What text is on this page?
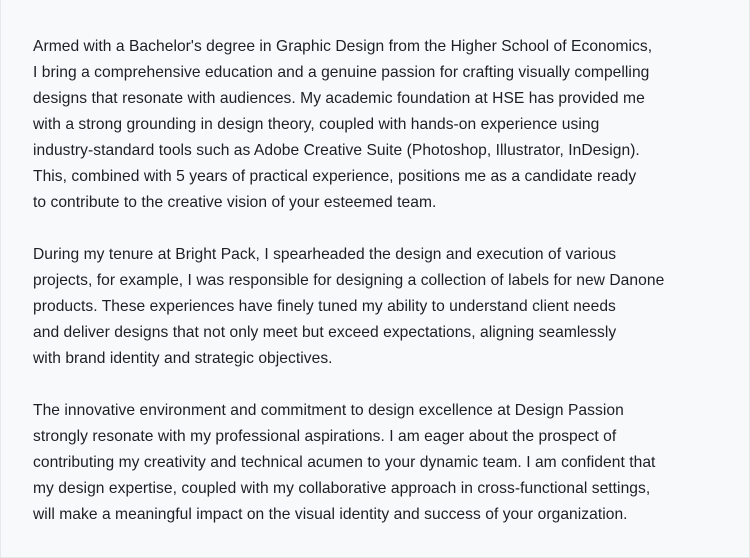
Armed with a Bachelor's degree in Graphic Design from the Higher School of Economics,
I bring a comprehensive education and a genuine passion for crafting visually compelling
designs that resonate with audiences. My academic foundation at HSE has provided me
with a strong grounding in design theory, coupled with hands-on experience using
industry-standard tools such as Adobe Creative Suite (Photoshop, Illustrator, InDesign).
This, combined with 5 years of practical experience, positions me as a candidate ready
to contribute to the creative vision of your esteemed team.
During my tenure at Bright Pack, I spearheaded the design and execution of various
projects, for example, I was responsible for designing a collection of labels for new Danone
products. These experiences have finely tuned my ability to understand client needs
and deliver designs that not only meet but exceed expectations, aligning seamlessly
with brand identity and strategic objectives.
The innovative environment and commitment to design excellence at Design Passion
strongly resonate with my professional aspirations. I am eager about the prospect of
contributing my creativity and technical acumen to your dynamic team. I am confident that
my design expertise, coupled with my collaborative approach in cross-functional settings,
will make a meaningful impact on the visual identity and success of your organization.
